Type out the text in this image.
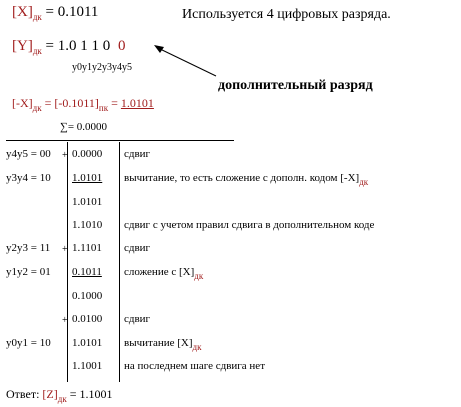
$[X]_{дк} = 0.1011$	Используется 4 цифровых разряда.
$[Y]_{дк} = 1.0$ 1 1 0 0
y0y1y2y3y4y5
дополнительный разряд
$[-X]_{дк} = [-0.1011]_{пк} = 1.0101$
∑= 0.0000
y4y5 = 00 + 0.0000 сдвиг
y3y4 = 10 1.0101 вычитание, то есть сложение с дополн. кодом $[-X]_{дк}$
1.0101
1.1010 сдвиг с учетом правил сдвига в дополнительном коде
y2y3 = 11 + 1.1101 сдвиг
y1y2 = 01 0.1011 сложение с $[X]_{дк}$
0.1000
+ 0.0100 сдвиг
y0y1 = 10 1.0101 вычитание $[X]_{дк}$
1.1001 на последнем шаге сдвига нет
Ответ: $[Z]_{дк} = 1.1001$
